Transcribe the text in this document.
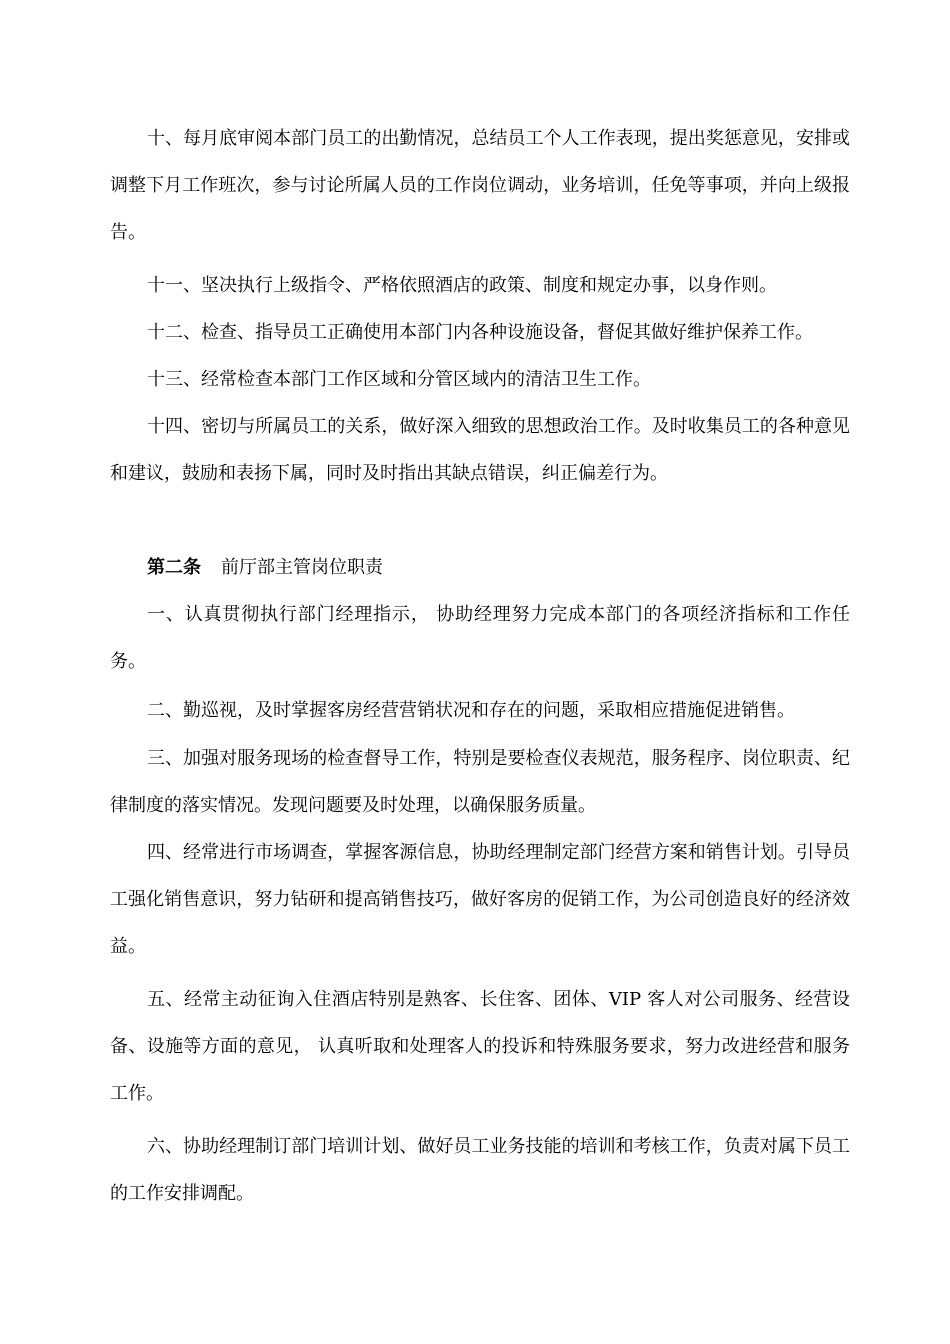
十、每月底审阅本部门员工的出勤情况，总结员工个人工作表现，提出奖惩意见，安排或调整下月工作班次，参与讨论所属人员的工作岗位调动，业务培训，任免等事项，并向上级报告。

十一、坚决执行上级指令、严格依照酒店的政策、制度和规定办事，以身作则。

十二、检查、指导员工正确使用本部门内各种设施设备，督促其做好维护保养工作。

十三、经常检查本部门工作区域和分管区域内的清洁卫生工作。

十四、密切与所属员工的关系，做好深入细致的思想政治工作。及时收集员工的各种意见和建议，鼓励和表扬下属，同时及时指出其缺点错误，纠正偏差行为。

第二条 前厅部主管岗位职责

一、认真贯彻执行部门经理指示， 协助经理努力完成本部门的各项经济指标和工作任务。

二、勤巡视，及时掌握客房经营营销状况和存在的问题，采取相应措施促进销售。

三、加强对服务现场的检查督导工作，特别是要检查仪表规范，服务程序、岗位职责、纪律制度的落实情况。发现问题要及时处理，以确保服务质量。

四、经常进行市场调查，掌握客源信息，协助经理制定部门经营方案和销售计划。引导员工强化销售意识，努力钻研和提高销售技巧，做好客房的促销工作，为公司创造良好的经济效益。

五、经常主动征询入住酒店特别是熟客、长住客、团体、VIP 客人对公司服务、经营设备、设施等方面的意见， 认真听取和处理客人的投诉和特殊服务要求，努力改进经营和服务工作。

六、协助经理制订部门培训计划、做好员工业务技能的培训和考核工作，负责对属下员工的工作安排调配。
